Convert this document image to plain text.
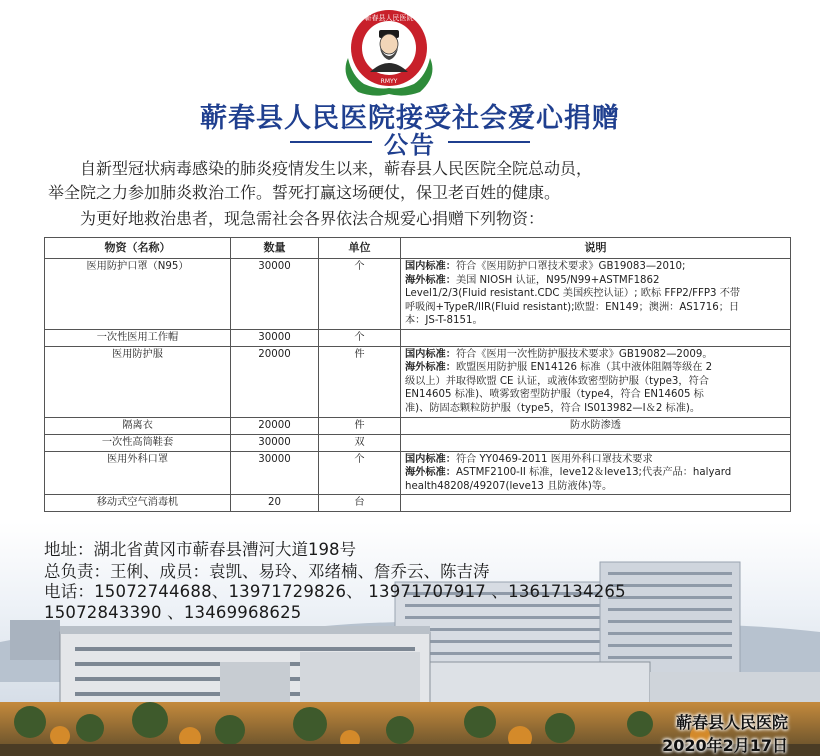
蕲春县人民医院
RMYY
蕲春县人民医院接受社会爱心捐赠
公告
自新型冠状病毒感染的肺炎疫情发生以来，蕲春县人民医院全院总动员，
举全院之力参加肺炎救治工作。誓死打赢这场硬仗，保卫老百姓的健康。
为更好地救治患者，现急需社会各界依法合规爱心捐赠下列物资：
物资（名称）	数量	单位	说明
医用防护口罩（N95）	30000	个	国内标准：符合《医用防护口罩技术要求》GB19083—2010;
海外标准：美国 NIOSH 认证，N95/N99+ASTMF1862
Level1/2/3(Fluid resistant.CDC 美国疾控认证）; 欧标 FFP2/FFP3 不带
呼吸阀+TypeR/IIR(Fluid resistant);欧盟：EN149；澳洲：AS1716；日
本：JS-T-8151。

一次性医用工作帽	30000	个	
医用防护服	20000	件	国内标准：符合《医用一次性防护服技术要求》GB19082—2009。
海外标准：欧盟医用防护服 EN14126 标准（其中液体阻隔等级在 2
级以上）并取得欧盟 CE 认证，或液体致密型防护服（type3，符合
EN14605 标准)、喷雾致密型防护服（type4，符合 EN14605 标
准)、防固态颗粒防护服（type5，符合 IS013982—I＆2 标准)。

隔离衣	20000	件	防水防渗透

一次性高筒鞋套	30000	双	
医用外科口罩	30000	个	国内标准：符合 YY0469-2011 医用外科口罩技术要求
海外标准：ASTMF2100-II 标准，leve12＆leve13;代表产品：halyard
health48208/49207(leve13 且防液体)等。

移动式空气消毒机	20	台	
地址：湖北省黄冈市蕲春县漕河大道198号
总负责：王俐、成员：袁凯、易玲、邓绪楠、詹乔云、陈吉涛
电话：15072744688、13971729826、 13971707917 、13617134265
15072843390 、13469968625
蕲春县人民医院
2020年2月17日
